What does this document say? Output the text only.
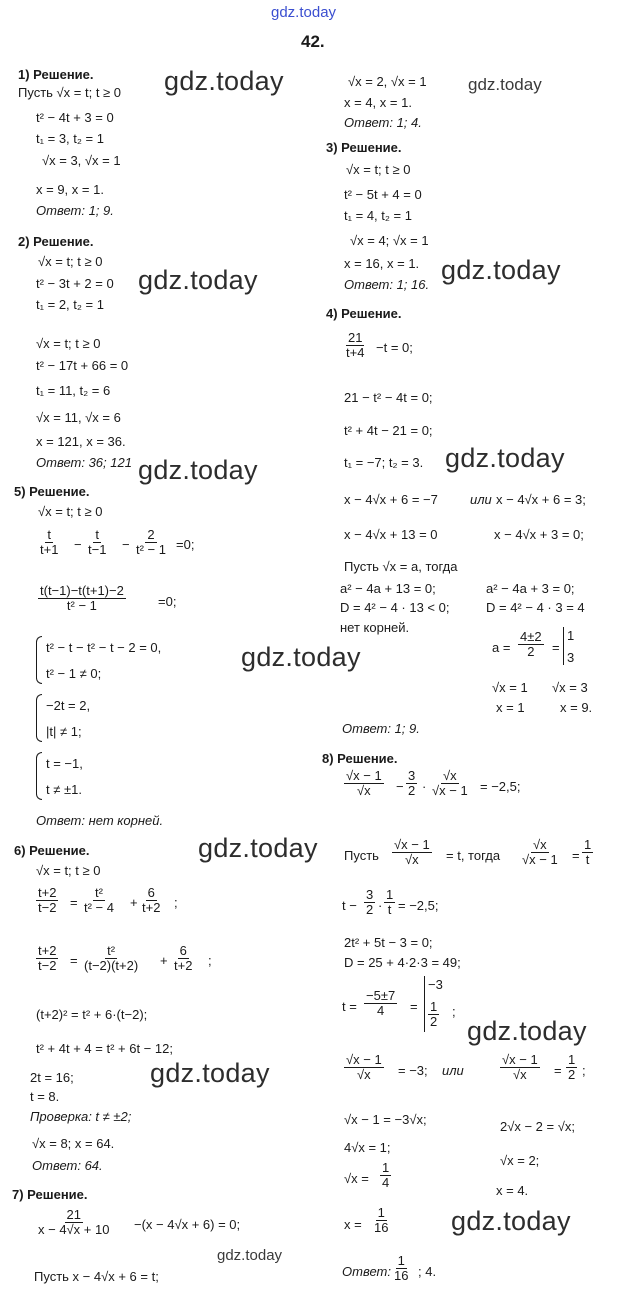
gdz.today
42.
gdz.today
gdz.today
gdz.today
gdz.today
gdz.today
gdz.today
gdz.today
gdz.today
gdz.today
gdz.today
gdz.today
gdz.today
1) Решение.
Пусть √x = t; t ≥ 0
t² − 4t + 3 = 0
t₁ = 3, t₂ = 1
√x = 3, √x = 1
x = 9, x = 1.
Ответ: 1; 9.
2) Решение.
√x = t; t ≥ 0
t² − 3t + 2 = 0
t₁ = 2, t₂ = 1
√x = t; t ≥ 0
t² − 17t + 66 = 0
t₁ = 11, t₂ = 6
√x = 11, √x = 6
x = 121, x = 36.
Ответ: 36; 121
5) Решение.
√x = t; t ≥ 0
t
t+1 −
t
t−1 −
2
t² − 1 =0;
t(t−1)−t(t+1)−2
t² − 1	=0;
t² − t − t² − t − 2 = 0,
t² − 1 ≠ 0;
−2t = 2,
|t| ≠ 1;
t = −1,
t ≠ ±1.
Ответ: нет корней.
6) Решение.
√x = t; t ≥ 0
t+2
t−2 =
t²
t² − 4 +
6
t+2 ;
t+2
t−2 =
t²
(t−2)(t+2) +
6
t+2 ;
(t+2)² = t² + 6·(t−2);
t² + 4t + 4 = t² + 6t − 12;
2t = 16;
t = 8.
Проверка: t ≠ ±2;
√x = 8; x = 64.
Ответ: 64.
7) Решение.
21
x − 4√x + 10 −(x − 4√x + 6) = 0;
Пусть x − 4√x + 6 = t;
√x = 2, √x = 1
x = 4, x = 1.
Ответ: 1; 4.
3) Решение.
√x = t; t ≥ 0
t² − 5t + 4 = 0
t₁ = 4, t₂ = 1
√x = 4; √x = 1
x = 16, x = 1.
Ответ: 1; 16.
4) Решение.
21
t+4 −t = 0;
21 − t² − 4t = 0;
t² + 4t − 21 = 0;
t₁ = −7; t₂ = 3.
x − 4√x + 6 = −7 или x − 4√x + 6 = 3;
x − 4√x + 13 = 0	x − 4√x + 3 = 0;
Пусть √x = a, тогда
a² − 4a + 13 = 0;	a² − 4a + 3 = 0;
D = 4² − 4 · 13 < 0;	D = 4² − 4 · 3 = 4
нет корней.
a =
4±2
2 =
1
3
√x = 1 √x = 3
x = 1	x = 9.
Ответ: 1; 9.
8) Решение.
√x − 1
√x −
3
2 ·
√x
√x − 1 = −2,5;
Пусть
√x − 1
√x = t, тогда
√x
√x − 1 =
1
t
t −
3
2 ·
1
t = −2,5;
2t² + 5t − 3 = 0;
D = 25 + 4·2·3 = 49;
t =
−5±7
4 =
−3
1
2
;
√x − 1
√x = −3; или
√x − 1
√x =
1
2 ;
√x − 1 = −3√x;	2√x − 2 = √x;
4√x = 1;
√x = 2;
√x =
1
4
x = 4.
x =
1
16
Ответ:
1
16 ; 4.
